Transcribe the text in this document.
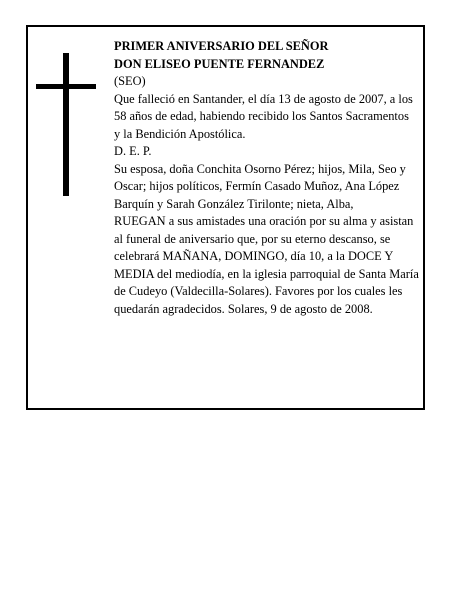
PRIMER ANIVERSARIO DEL SEÑOR
DON ELISEO PUENTE FERNANDEZ

(SEO)

Que falleció en Santander, el día 13 de agosto de 2007, a los 58 años de edad, habiendo recibido los Santos Sacramentos

y la Bendición Apostólica.

D. E. P.

Su esposa, doña Conchita Osorno Pérez; hijos, Mila, Seo y Oscar; hijos políticos, Fermín Casado Muñoz, Ana López Barquín y Sarah González Tirilonte; nieta, Alba,

RUEGAN a sus amistades una oración por su alma y asistan al funeral de aniversario que, por su eterno descanso, se celebrará MAÑANA, DOMINGO, día 10, a la DOCE Y MEDIA del mediodía, en la iglesia parroquial de Santa María de Cudeyo (Valdecilla-Solares). Favores por los cuales les quedarán agradecidos. Solares, 9 de agosto de 2008.
